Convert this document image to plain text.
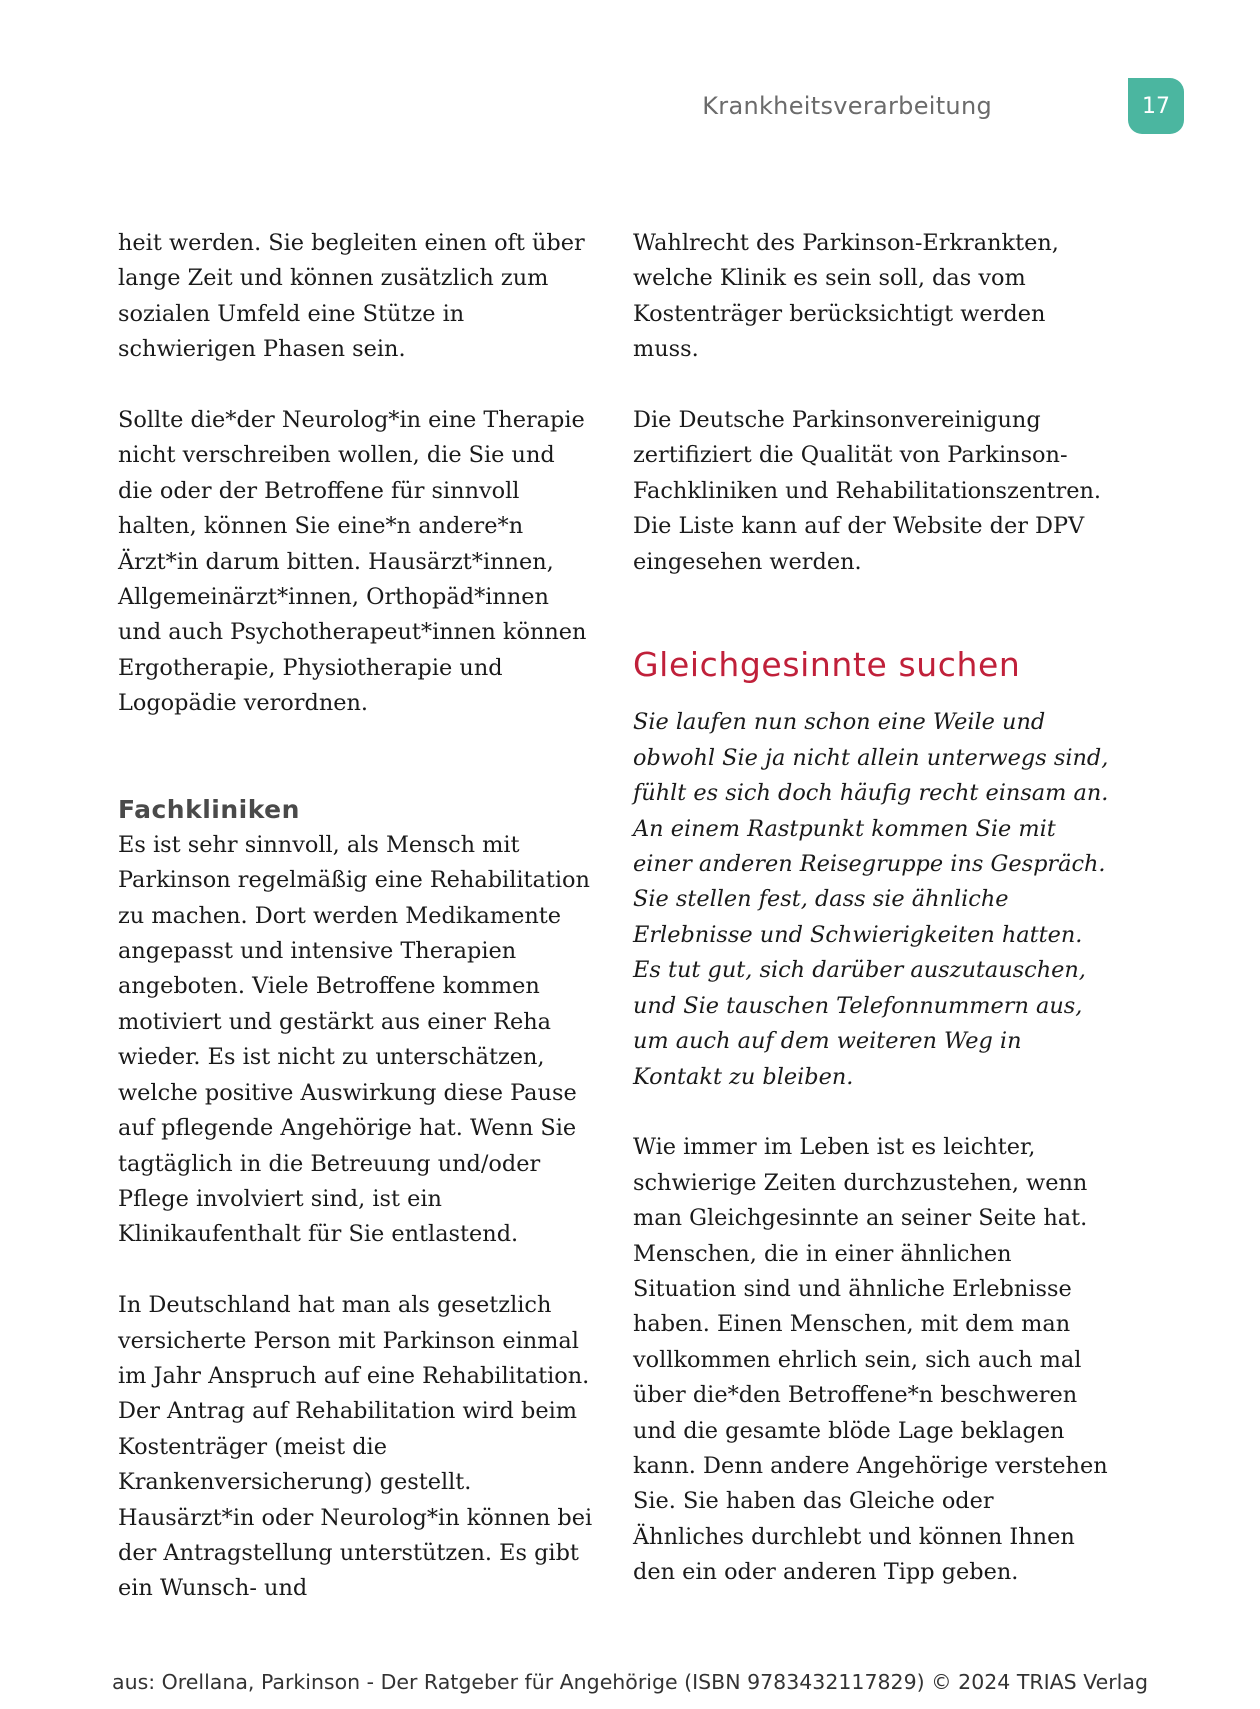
Krankheitsverarbeitung	17

heit werden. Sie begleiten einen oft über lange Zeit und können zusätzlich zum sozialen Umfeld eine Stütze in schwierigen Phasen sein.

Sollte die*der Neurolog*in eine Therapie nicht verschreiben wollen, die Sie und die oder der Betroffene für sinnvoll halten, können Sie eine*n andere*n Ärzt*in darum bitten. Hausärzt*innen, Allgemeinärzt*innen, Orthopäd*innen und auch Psychotherapeut*innen können Ergotherapie, Physiotherapie und Logopädie verordnen.

Fachkliniken

Es ist sehr sinnvoll, als Mensch mit Parkinson regelmäßig eine Rehabilitation zu machen. Dort werden Medikamente angepasst und intensive Therapien angeboten. Viele Betroffene kommen motiviert und gestärkt aus einer Reha wieder. Es ist nicht zu unterschätzen, welche positive Auswirkung diese Pause auf pflegende Angehörige hat. Wenn Sie tagtäglich in die Betreuung und/oder Pflege involviert sind, ist ein Klinikaufenthalt für Sie entlastend.

In Deutschland hat man als gesetzlich versicherte Person mit Parkinson einmal im Jahr Anspruch auf eine Rehabilitation. Der Antrag auf Rehabilitation wird beim Kostenträger (meist die Krankenversicherung) gestellt. Hausärzt*in oder Neurolog*in können bei der Antragstellung unterstützen. Es gibt ein Wunsch- und

Wahlrecht des Parkinson-Erkrankten, welche Klinik es sein soll, das vom Kostenträger berücksichtigt werden muss.

Die Deutsche Parkinsonvereinigung zertifiziert die Qualität von Parkinson-Fachkliniken und Rehabilitationszentren. Die Liste kann auf der Website der DPV eingesehen werden.

Gleichgesinnte suchen

Sie laufen nun schon eine Weile und obwohl Sie ja nicht allein unterwegs sind, fühlt es sich doch häufig recht einsam an. An einem Rastpunkt kommen Sie mit einer anderen Reisegruppe ins Gespräch. Sie stellen fest, dass sie ähnliche Erlebnisse und Schwierigkeiten hatten. Es tut gut, sich darüber auszutauschen, und Sie tauschen Telefonnummern aus, um auch auf dem weiteren Weg in Kontakt zu bleiben.

Wie immer im Leben ist es leichter, schwierige Zeiten durchzustehen, wenn man Gleichgesinnte an seiner Seite hat. Menschen, die in einer ähnlichen Situation sind und ähnliche Erlebnisse haben. Einen Menschen, mit dem man vollkommen ehrlich sein, sich auch mal über die*den Betroffene*n beschweren und die gesamte blöde Lage beklagen kann. Denn andere Angehörige verstehen Sie. Sie haben das Gleiche oder Ähnliches durchlebt und können Ihnen den ein oder anderen Tipp geben.

aus: Orellana, Parkinson - Der Ratgeber für Angehörige (ISBN 9783432117829) © 2024 TRIAS Verlag
